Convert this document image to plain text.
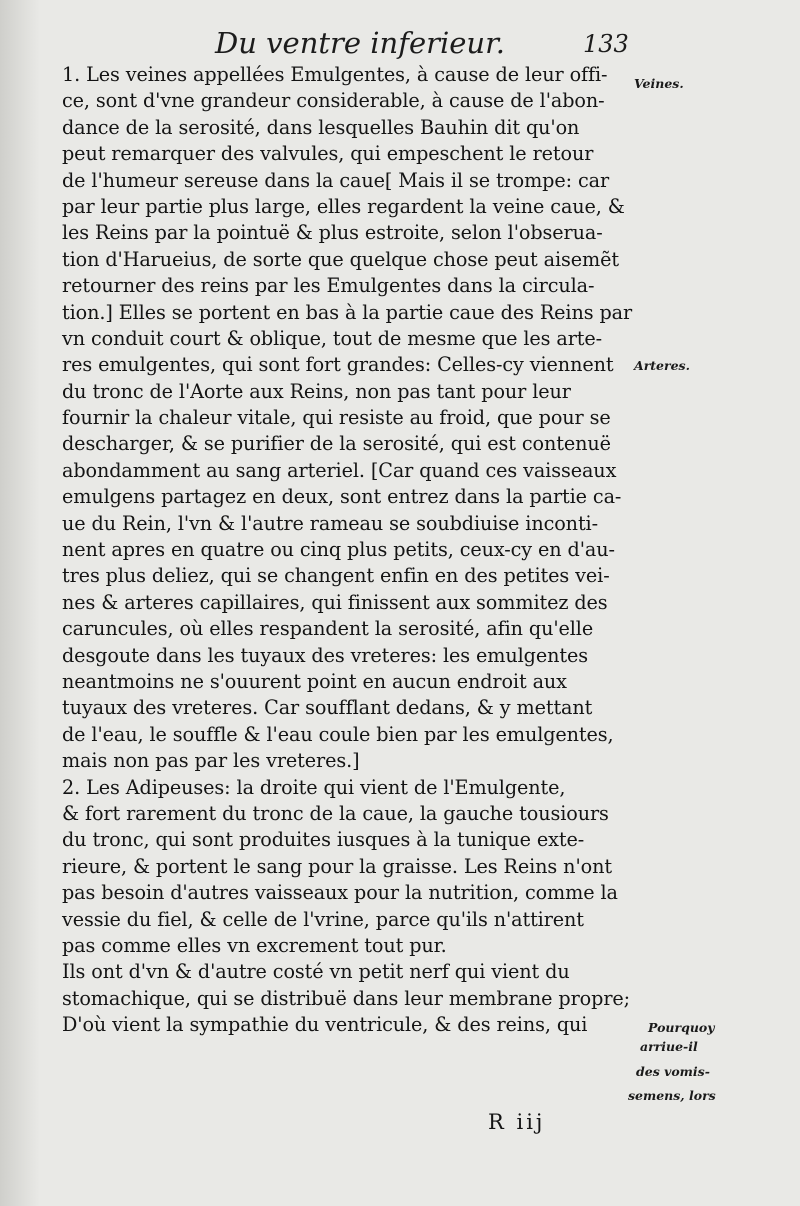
Du ventre inferieur.	133
1. Les veines appellées Emulgentes, à cause de leur offi-
ce, sont d'vne grandeur considerable, à cause de l'abon-
dance de la serosité, dans lesquelles Bauhin dit qu'on
peut remarquer des valvules, qui empeschent le retour
de l'humeur sereuse dans la caue[ Mais il se trompe: car
par leur partie plus large, elles regardent la veine caue, &
les Reins par la pointuë & plus estroite, selon l'obserua-
tion d'Harueius, de sorte que quelque chose peut aisemẽt
retourner des reins par les Emulgentes dans la circula-
tion.] Elles se portent en bas à la partie caue des Reins par
vn conduit court & oblique, tout de mesme que les arte-
res emulgentes, qui sont fort grandes: Celles-cy viennent
du tronc de l'Aorte aux Reins, non pas tant pour leur
fournir la chaleur vitale, qui resiste au froid, que pour se
descharger, & se purifier de la serosité, qui est contenuë
abondamment au sang arteriel. [Car quand ces vaisseaux
emulgens partagez en deux, sont entrez dans la partie ca-
ue du Rein, l'vn & l'autre rameau se soubdiuise inconti-
nent apres en quatre ou cinq plus petits, ceux-cy en d'au-
tres plus deliez, qui se changent enfin en des petites vei-
nes & arteres capillaires, qui finissent aux sommitez des
caruncules, où elles respandent la serosité, afin qu'elle
desgoute dans les tuyaux des vreteres: les emulgentes
neantmoins ne s'ouurent point en aucun endroit aux
tuyaux des vreteres. Car soufflant dedans, & y mettant
de l'eau, le souffle & l'eau coule bien par les emulgentes,
mais non pas par les vreteres.]
2. Les Adipeuses: la droite qui vient de l'Emulgente,
& fort rarement du tronc de la caue, la gauche tousiours
du tronc, qui sont produites iusques à la tunique exte-
rieure, & portent le sang pour la graisse. Les Reins n'ont
pas besoin d'autres vaisseaux pour la nutrition, comme la
vessie du fiel, & celle de l'vrine, parce qu'ils n'attirent
pas comme elles vn excrement tout pur.
Ils ont d'vn & d'autre costé vn petit nerf qui vient du
stomachique, qui se distribuë dans leur membrane propre;
D'où vient la sympathie du ventricule, & des reins, qui
Veines.
Arteres.
Pourquoy
arriue-il
des vomis-
semens, lors
R iij
